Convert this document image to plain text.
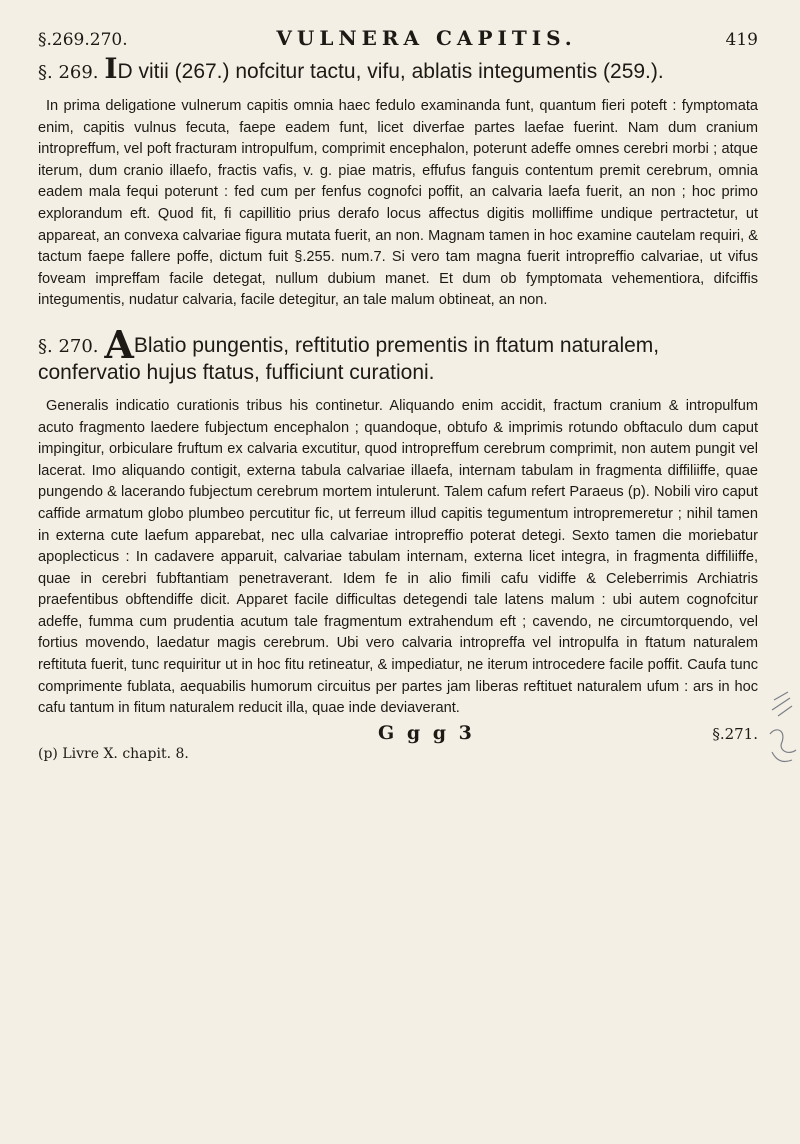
§.269.270.	VULNERA CAPITIS.	419
§. 269. ID vitii (267.) nofcitur tactu, vifu, ablatis integumentis (259.).

In prima deligatione vulnerum capitis omnia haec fedulo examinanda funt, quantum fieri poteft : fymptomata enim, capitis vulnus fecuta, faepe eadem funt, licet diverfae partes laefae fuerint. Nam dum cranium intropreffum, vel poft fracturam intropulfum, comprimit encephalon, poterunt adeffe omnes cerebri morbi ; atque iterum, dum cranio illaefo, fractis vafis, v. g. piae matris, effufus fanguis contentum premit cerebrum, omnia eadem mala fequi poterunt : fed cum per fenfus cognofci poffit, an calvaria laefa fuerit, an non ; hoc primo explorandum eft. Quod fit, fi capillitio prius derafo locus affectus digitis molliffime undique pertractetur, ut appareat, an convexa calvariae figura mutata fuerit, an non. Magnam tamen in hoc examine cautelam requiri, & tactum faepe fallere poffe, dictum fuit §.255. num.7. Si vero tam magna fuerit intropreffio calvariae, ut vifus foveam impreffam facile detegat, nullum dubium manet. Et dum ob fymptomata vehementiora, difciffis integumentis, nudatur calvaria, facile detegitur, an tale malum obtineat, an non.

§. 270. ABlatio pungentis, reftitutio prementis in ftatum naturalem, confervatio hujus ftatus, fufficiunt curationi.

Generalis indicatio curationis tribus his continetur. Aliquando enim accidit, fractum cranium & intropulfum acuto fragmento laedere fubjectum encephalon ; quandoque, obtufo & imprimis rotundo obftaculo dum caput impingitur, orbiculare fruftum ex calvaria excutitur, quod intropreffum cerebrum comprimit, non autem pungit vel lacerat. Imo aliquando contigit, externa tabula calvariae illaefa, internam tabulam in fragmenta diffiliiffe, quae pungendo & lacerando fubjectum cerebrum mortem intulerunt. Talem cafum refert Paraeus (p). Nobili viro caput caffide armatum globo plumbeo percutitur fic, ut ferreum illud capitis tegumentum intropremeretur ; nihil tamen in externa cute laefum apparebat, nec ulla calvariae intropreffio poterat detegi. Sexto tamen die moriebatur apoplecticus : In cadavere apparuit, calvariae tabulam internam, externa licet integra, in fragmenta diffiliiffe, quae in cerebri fubftantiam penetraverant. Idem fe in alio fimili cafu vidiffe & Celeberrimis Archiatris praefentibus obftendiffe dicit. Apparet facile difficultas detegendi tale latens malum : ubi autem cognofcitur adeffe, fumma cum prudentia acutum tale fragmentum extrahendum eft ; cavendo, ne circumtorquendo, vel fortius movendo, laedatur magis cerebrum. Ubi vero calvaria intropreffa vel intropulfa in ftatum naturalem reftituta fuerit, tunc requiritur ut in hoc fitu retineatur, & impediatur, ne iterum introcedere facile poffit. Caufa tunc comprimente fublata, aequabilis humorum circuitus per partes jam liberas reftituet naturalem ufum : ars in hoc cafu tantum in fitum naturalem reducit illa, quae inde deviaverant.

G g g 3	§.271.
(p) Livre X. chapit. 8.
